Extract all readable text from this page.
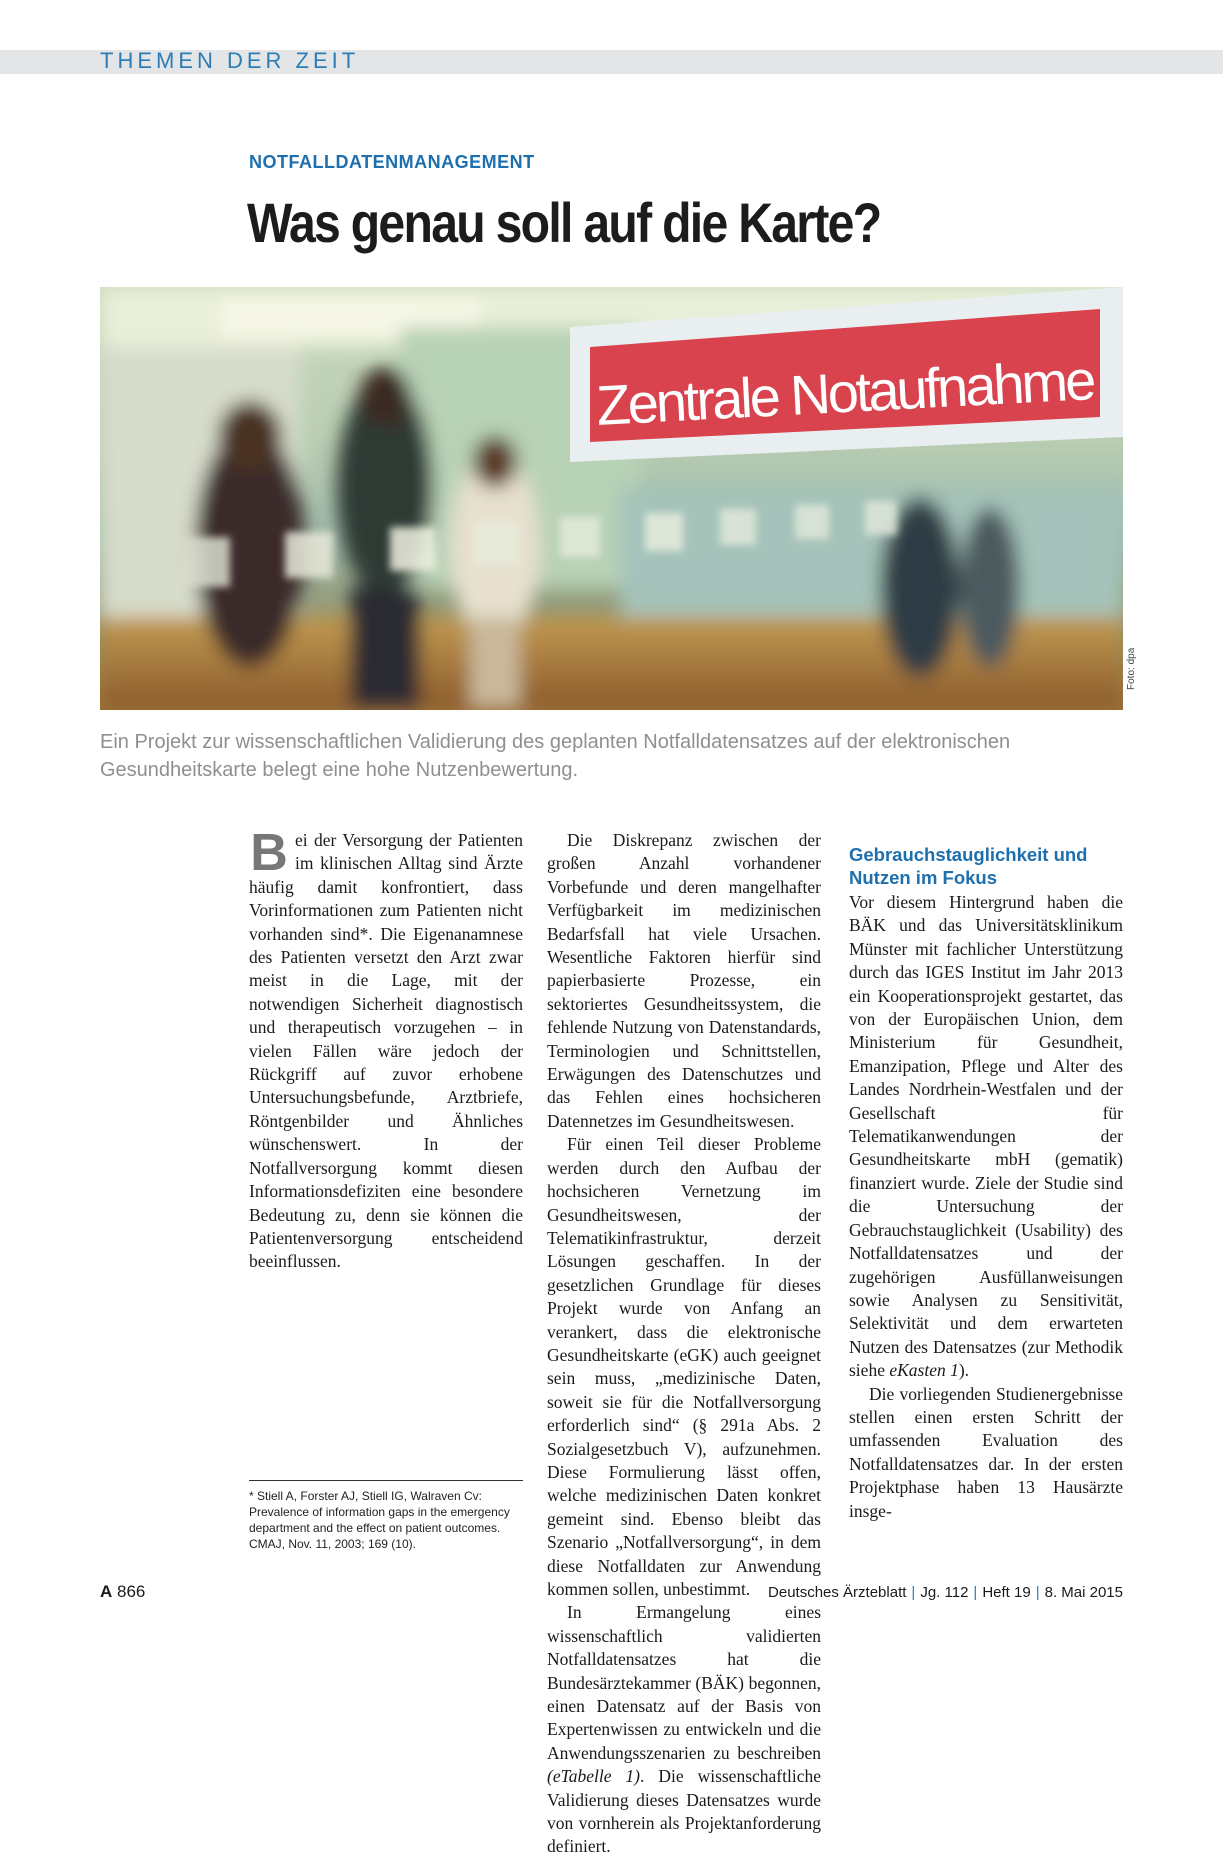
THEMEN DER ZEIT
NOTFALLDATENMANAGEMENT
Was genau soll auf die Karte?
Zentrale Notaufnahme
Foto: dpa
Ein Projekt zur wissenschaftlichen Validierung des geplanten Notfalldatensatzes auf der elektronischen Gesundheitskarte belegt eine hohe Nutzenbewertung.

Bei der Versorgung der Patienten im klinischen Alltag sind Ärzte häufig damit konfrontiert, dass Vorinformationen zum Patienten nicht vorhanden sind*. Die Eigenanamnese des Patienten versetzt den Arzt zwar meist in die Lage, mit der notwendigen Sicherheit diagnostisch und therapeutisch vorzugehen – in vielen Fällen wäre jedoch der Rückgriff auf zuvor erhobene Untersuchungsbefunde, Arztbriefe, Röntgenbilder und Ähnliches wünschenswert. In der Notfallversorgung kommt diesen Informationsdefiziten eine besondere Bedeutung zu, denn sie können die Patientenversorgung entscheidend beeinflussen.

Die Diskrepanz zwischen der großen Anzahl vorhandener Vorbefunde und deren mangelhafter Verfügbarkeit im medizinischen Bedarfsfall hat viele Ursachen. Wesentliche Faktoren hierfür sind papierbasierte Prozesse, ein sektoriertes Gesundheitssystem, die fehlende Nutzung von Datenstandards, Terminologien und Schnittstellen, Erwägungen des Datenschutzes und das Fehlen eines hochsicheren Datennetzes im Gesundheitswesen.

Für einen Teil dieser Probleme werden durch den Aufbau der hochsicheren Vernetzung im Gesundheitswesen, der Telematikinfrastruktur, derzeit Lösungen geschaffen. In der gesetzlichen Grundlage für dieses Projekt wurde von Anfang an verankert, dass die elektronische Gesundheitskarte (eGK) auch geeignet sein muss, „medizinische Daten, soweit sie für die Notfallversorgung erforderlich sind“ (§ 291a Abs. 2 Sozialgesetzbuch V), aufzunehmen. Diese Formulierung lässt offen, welche medizinischen Daten konkret gemeint sind. Ebenso bleibt das Szenario „Notfallversorgung“, in dem diese Notfalldaten zur Anwendung kommen sollen, unbestimmt.

In Ermangelung eines wissenschaftlich validierten Notfalldatensatzes hat die Bundesärztekammer (BÄK) begonnen, einen Datensatz auf der Basis von Expertenwissen zu entwickeln und die Anwendungsszenarien zu beschreiben (eTabelle 1). Die wissenschaftliche Validierung dieses Datensatzes wurde von vornherein als Projektanforderung definiert.

Gebrauchstauglichkeit und Nutzen im Fokus

Vor diesem Hintergrund haben die BÄK und das Universitätsklinikum Münster mit fachlicher Unterstützung durch das IGES Institut im Jahr 2013 ein Kooperationsprojekt gestartet, das von der Europäischen Union, dem Ministerium für Gesundheit, Emanzipation, Pflege und Alter des Landes Nordrhein-Westfalen und der Gesellschaft für Telematikanwendungen der Gesundheitskarte mbH (gematik) finanziert wurde. Ziele der Studie sind die Untersuchung der Gebrauchstauglichkeit (Usability) des Notfalldatensatzes und der zugehörigen Ausfüllanweisungen sowie Analysen zu Sensitivität, Selektivität und dem erwarteten Nutzen des Datensatzes (zur Methodik siehe eKasten 1).

Die vorliegenden Studienergebnisse stellen einen ersten Schritt der umfassenden Evaluation des Notfalldatensatzes dar. In der ersten Projektphase haben 13 Hausärzte insge-

* Stiell A, Forster AJ, Stiell IG, Walraven Cv: Prevalence of information gaps in the emergency department and the effect on patient outcomes. CMAJ, Nov. 11, 2003; 169 (10).
A 866	Deutsches Ärzteblatt | Jg. 112 | Heft 19 | 8. Mai 2015
